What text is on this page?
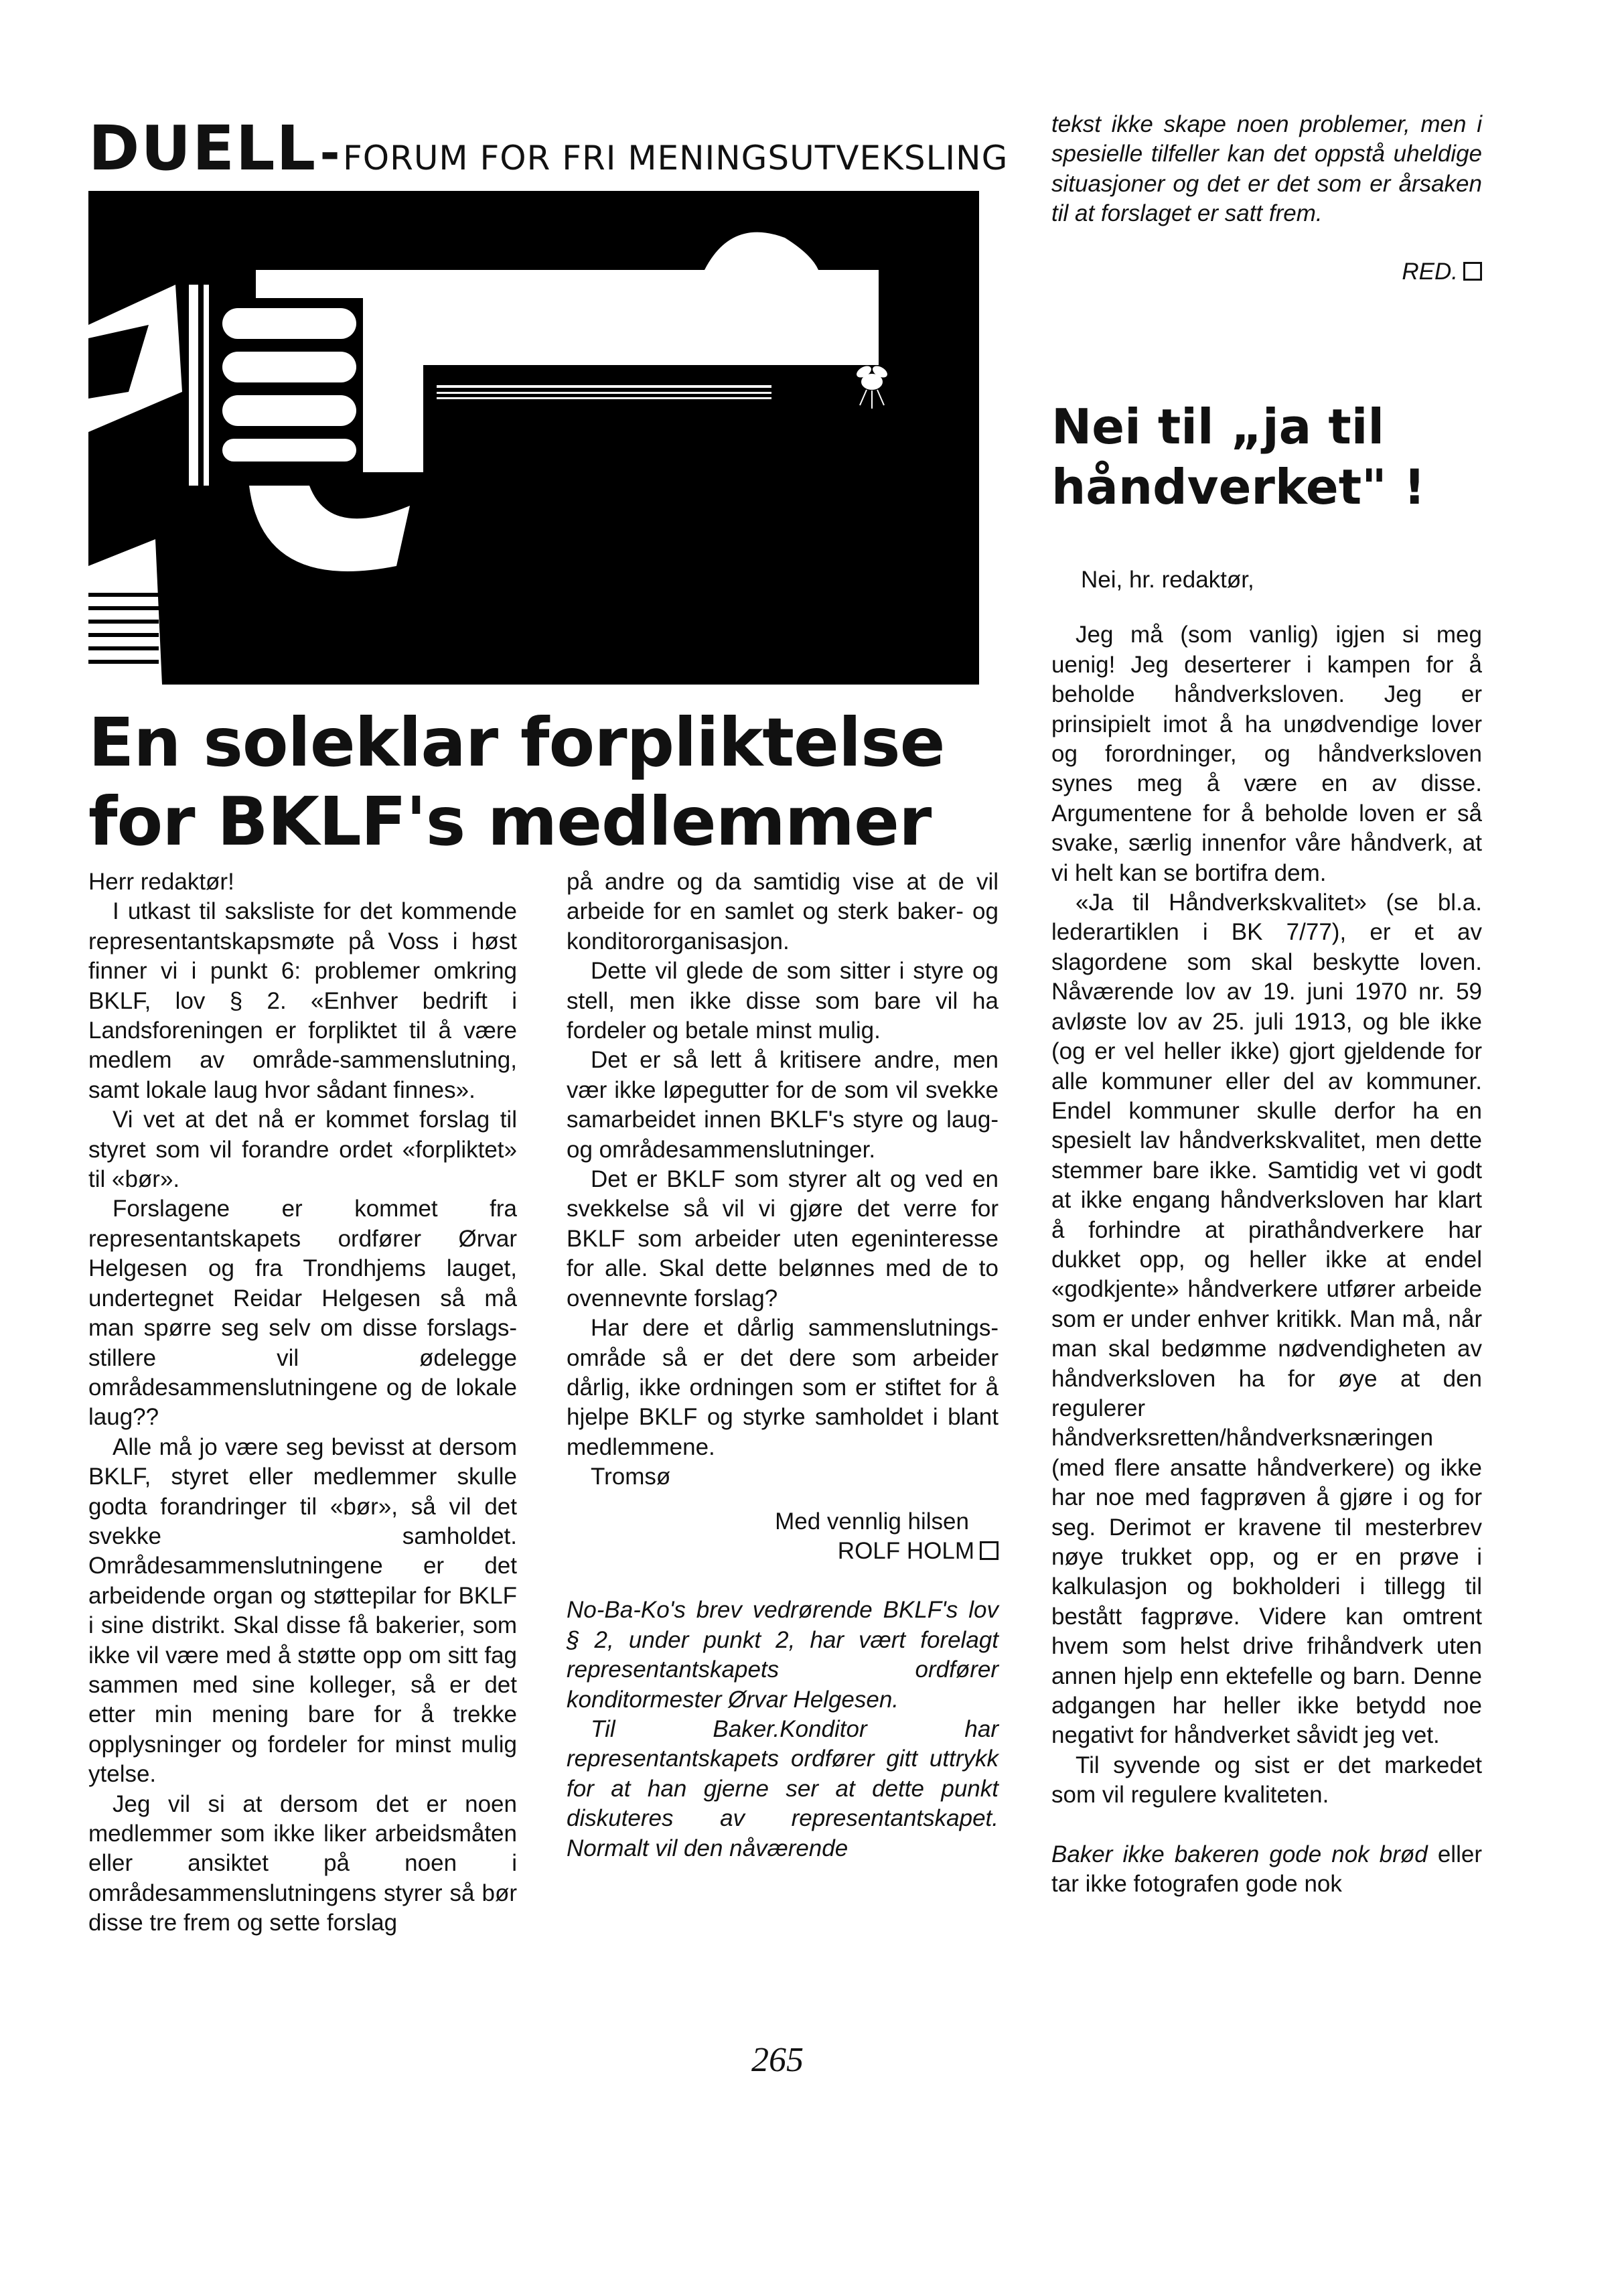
DUELL - FORUM FOR FRI MENINGSUTVEKSLING
En soleklar forpliktelse
for BKLF's medlemmer

Herr redaktør!

I utkast til saksliste for det kommende representantskapsmøte på Voss i høst finner vi i punkt 6: problemer omkring BKLF, lov § 2. «Enhver bedrift i Landsforeningen er forpliktet til å være medlem av område-sammenslutning, samt lokale laug hvor sådant finnes».

Vi vet at det nå er kommet forslag til styret som vil forandre ordet «forpliktet» til «bør».

Forslagene er kommet fra representantskapets ordfører Ørvar Helgesen og fra Trondhjems lauget, undertegnet Reidar Helgesen så må man spørre seg selv om disse forslags-stillere vil ødelegge områdesammenslutningene og de lokale laug??

Alle må jo være seg bevisst at dersom BKLF, styret eller medlemmer skulle godta forandringer til «bør», så vil det svekke samholdet. Områdesammenslutningene er det arbeidende organ og støttepilar for BKLF i sine distrikt. Skal disse få bakerier, som ikke vil være med å støtte opp om sitt fag sammen med sine kolleger, så er det etter min mening bare for å trekke opplysninger og fordeler for minst mulig ytelse.

Jeg vil si at dersom det er noen medlemmer som ikke liker arbeidsmåten eller ansiktet på noen i områdesammenslutningens styrer så bør disse tre frem og sette forslag

på andre og da samtidig vise at de vil arbeide for en samlet og sterk baker- og konditororganisasjon.

Dette vil glede de som sitter i styre og stell, men ikke disse som bare vil ha fordeler og betale minst mulig.

Det er så lett å kritisere andre, men vær ikke løpegutter for de som vil svekke samarbeidet innen BKLF's styre og laug- og områdesammenslutninger.

Det er BKLF som styrer alt og ved en svekkelse så vil vi gjøre det verre for BKLF som arbeider uten egeninteresse for alle. Skal dette belønnes med de to ovennevnte forslag?

Har dere et dårlig sammenslutnings-område så er det dere som arbeider dårlig, ikke ordningen som er stiftet for å hjelpe BKLF og styrke samholdet i blant medlemmene.

Tromsø

Med vennlig hilsen
ROLF HOLM

No-Ba-Ko's brev vedrørende BKLF's lov § 2, under punkt 2, har vært forelagt representantskapets ordfører konditormester Ørvar Helgesen.

Til Baker.Konditor har representantskapets ordfører gitt uttrykk for at han gjerne ser at dette punkt diskuteres av representantskapet. Normalt vil den nåværende

tekst ikke skape noen problemer, men i spesielle tilfeller kan det oppstå uheldige situasjoner og det er det som er årsaken til at forslaget er satt frem.
RED.
Nei til „ja til
håndverket" !
Nei, hr. redaktør,

Jeg må (som vanlig) igjen si meg uenig! Jeg deserterer i kampen for å beholde håndverksloven. Jeg er prinsipielt imot å ha unødvendige lover og forordninger, og håndverksloven synes meg å være en av disse. Argumentene for å beholde loven er så svake, særlig innenfor våre håndverk, at vi helt kan se bortifra dem.

«Ja til Håndverkskvalitet» (se bl.a. lederartiklen i BK 7/77), er et av slagordene som skal beskytte loven. Nåværende lov av 19. juni 1970 nr. 59 avløste lov av 25. juli 1913, og ble ikke (og er vel heller ikke) gjort gjeldende for alle kommuner eller del av kommuner. Endel kommuner skulle derfor ha en spesielt lav håndverkskvalitet, men dette stemmer bare ikke. Samtidig vet vi godt at ikke engang håndverksloven har klart å forhindre at pirathåndverkere har dukket opp, og heller ikke at endel «godkjente» håndverkere utfører arbeide som er under enhver kritikk. Man må, når man skal bedømme nødvendigheten av håndverksloven ha for øye at den regulerer håndverksretten/håndverksnæringen (med flere ansatte håndverkere) og ikke har noe med fagprøven å gjøre i og for seg. Derimot er kravene til mesterbrev nøye trukket opp, og er en prøve i kalkulasjon og bokholderi i tillegg til bestått fagprøve. Videre kan omtrent hvem som helst drive frihåndverk uten annen hjelp enn ektefelle og barn. Denne adgangen har heller ikke betydd noe negativt for håndverket såvidt jeg vet.

Til syvende og sist er det markedet som vil regulere kvaliteten.

Baker ikke bakeren gode nok brød eller tar ikke fotografen gode nok

265
